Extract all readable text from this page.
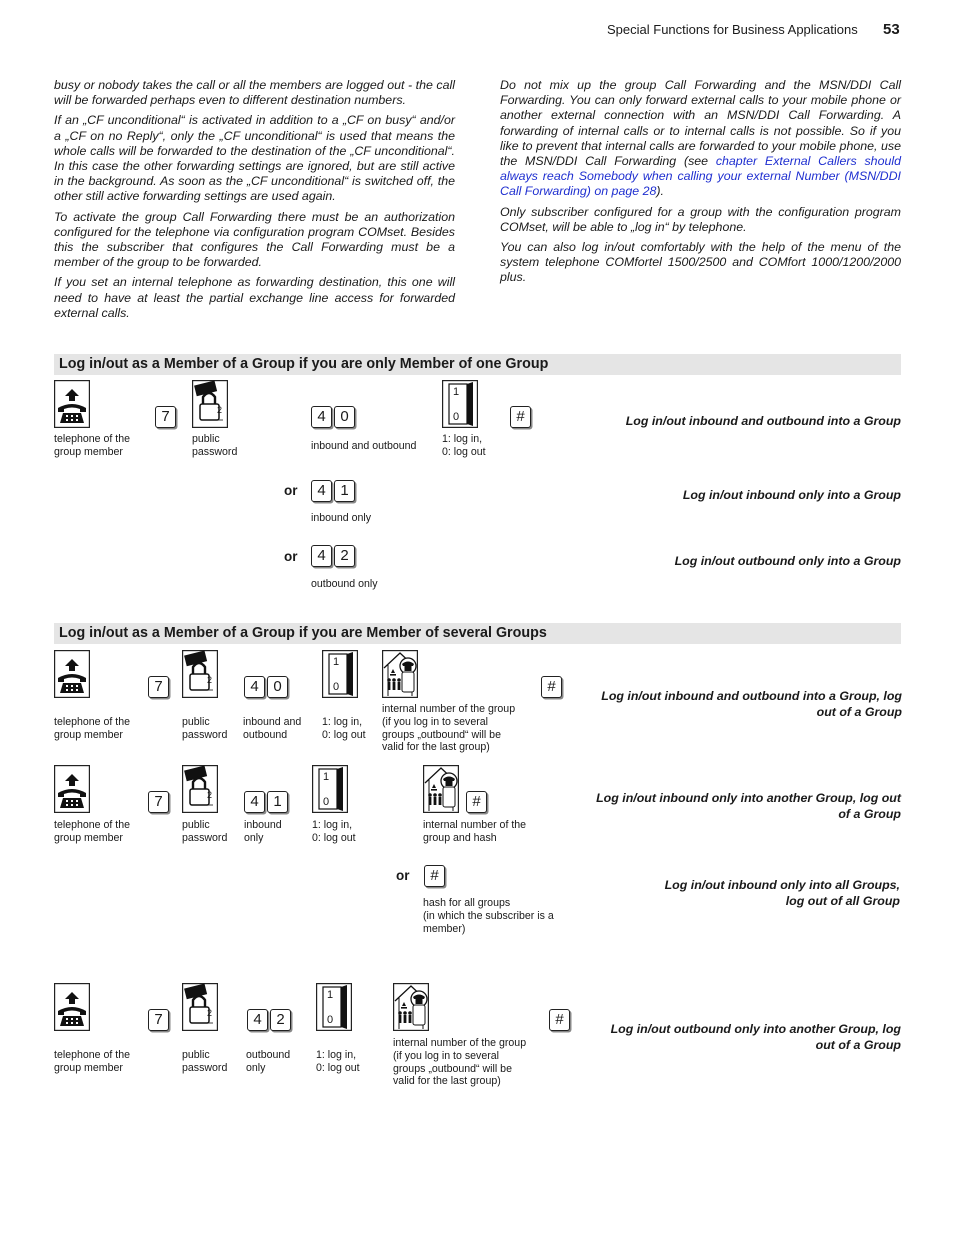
Special Functions for Business Applications 53

busy or nobody takes the call or all the members are logged out - the call will be forwarded perhaps even to different destination numbers.

If an „CF unconditional“ is activated in addition to a „CF on busy“ and/or a „CF on no Reply“, only the „CF unconditional“ is used that means the whole calls will be forwarded to the destination of the „CF unconditional“. In this case the other forwarding settings are ignored, but are still active in the background. As soon as the „CF unconditional“ is switched off, the other still active forwarding settings are used again.

To activate the group Call Forwarding there must be an authorization configured for the telephone via configuration program COMset. Besides this the subscriber that configures the Call Forwarding must be a member of the group to be forwarded.

If you set an internal telephone as forwarding destination, this one will need to have at least the partial exchange line access for forwarded external calls.

Do not mix up the group Call Forwarding and the MSN/DDI Call Forwarding. You can only forward external calls to your mobile phone or another external connection with an MSN/DDI Call Forwarding. A forwarding of internal calls or to internal calls is not possible. So if you like to prevent that internal calls are forwarded to your mobile phone, use the MSN/DDI Call Forwarding (see chapter External Callers should always reach Somebody when calling your external Number (MSN/DDI Call Forwarding) on page 28).

Only subscriber configured for a group with the configuration program COMset, will be able to „log in“ by telephone.

You can also log in/out comfortably with the help of the menu of the system telephone COMfortel 1500/2500 and COMfort 1000/1200/2000 plus.

Log in/out as a Member of a Group if you are only Member of one Group
telephone of the
group member
2
public
password
7	4 0
inbound and outbound
1
0
1: log in,
0: log out
#	Log in/out inbound and outbound into a Group
or	4 1
inbound only
Log in/out inbound only into a Group
or	4 2
outbound only
Log in/out outbound only into a Group
Log in/out as a Member of a Group if you are Member of several Groups
telephone of the
group member
7	2
public
password
4 0
inbound and
outbound
1
0
1: log in,
0: log out
internal number of the group
(if you log in to several
groups „outbound“ will be
valid for the last group)
#
Log in/out inbound and outbound into a Group, log
out of a Group
telephone of the
group member
7	2
public
password
4 1
inbound
only
1
0
1: log in,
0: log out
#
internal number of the
group and hash
Log in/out inbound only into another Group, log out
of a Group
or	#
hash for all groups
(in which the subscriber is a
member)
Log in/out inbound only into all Groups,
log out of all Group
telephone of the
group member
7	2
public
password
4 2
outbound
only
1
0
1: log in,
0: log out
internal number of the group
(if you log in to several
groups „outbound“ will be
valid for the last group)
#
Log in/out outbound only into another Group, log
out of a Group
